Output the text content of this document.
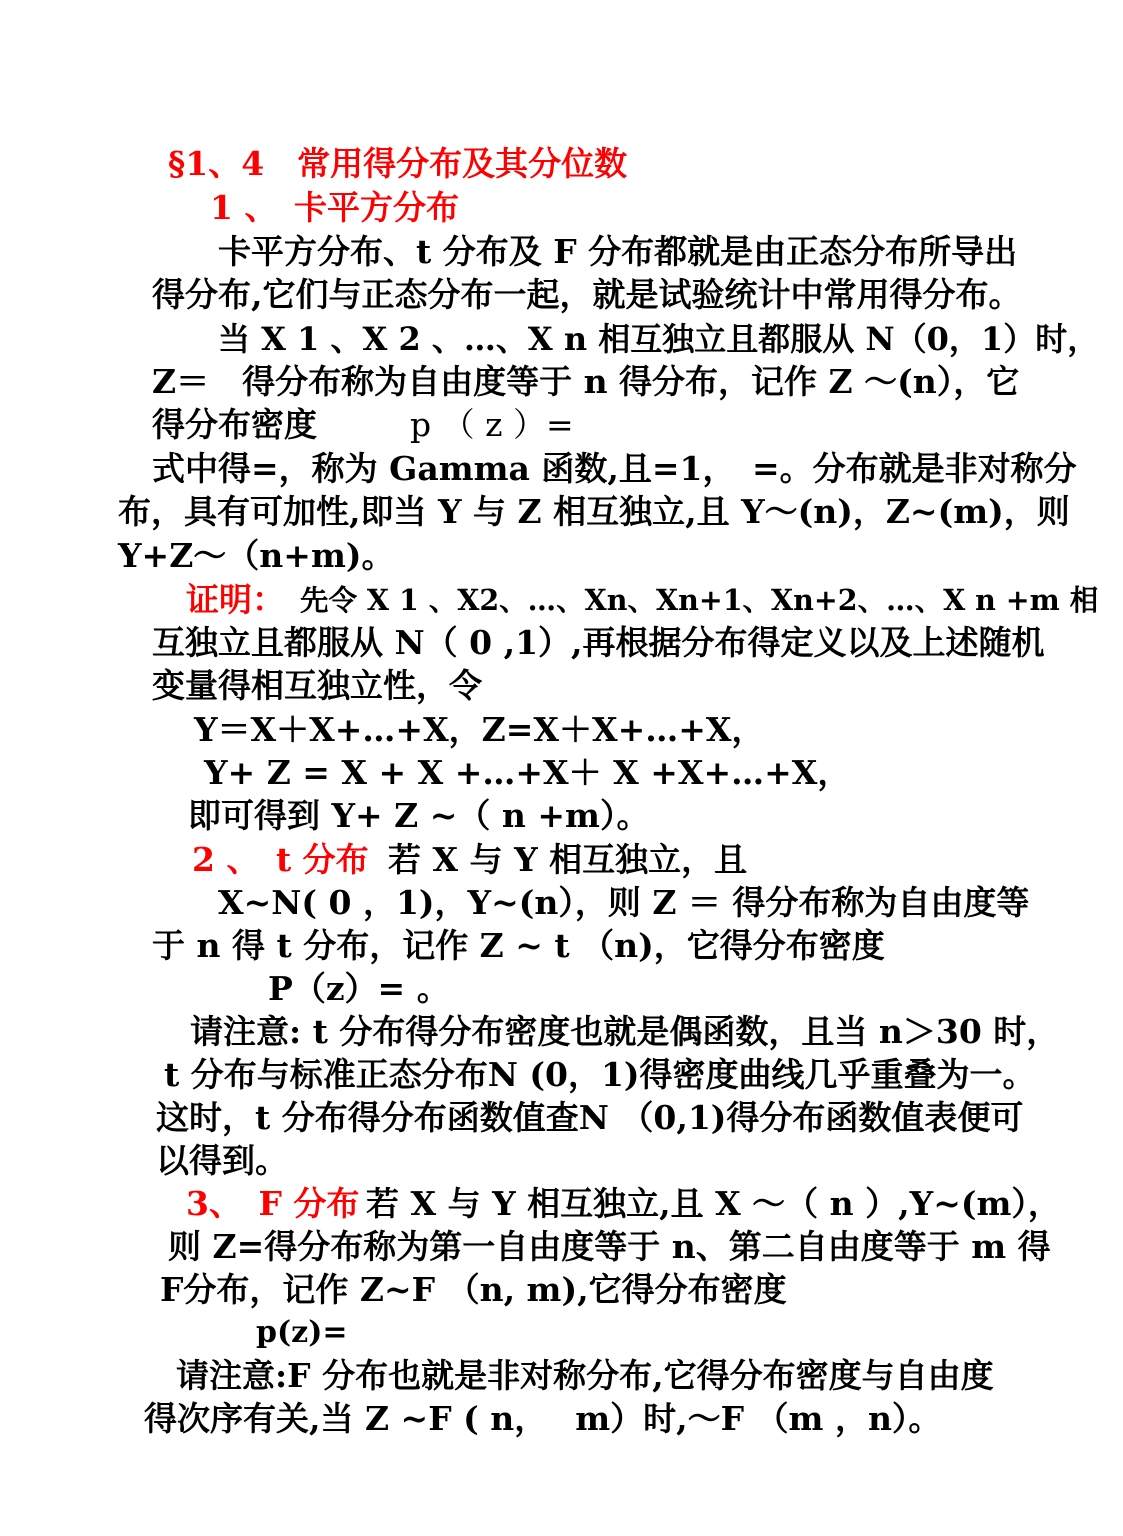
§1、4　常用得分布及其分位数
1 、　卡平方分布
卡平方分布、t 分布及 F 分布都就是由正态分布所导出
得分布,它们与正态分布一起，就是试验统计中常用得分布。
当 X 1 、X 2 、…、X n 相互独立且都服从 N（0，1）时，
Z＝　得分布称为自由度等于 n 得分布，记作 Z ～(n），它
得分布密度	p （ z ）=
式中得=，称为 Gamma 函数,且=1，　=。分布就是非对称分
布，具有可加性,即当 Y 与 Z 相互独立,且 Y～(n)，Z~(m)，则
Y+Z～（n+m)。
证明： 先令 X 1 、X2、…、Xn、Xn+1、Xn+2、…、X n +m 相
互独立且都服从 N（ 0 ,1）,再根据分布得定义以及上述随机
变量得相互独立性，令
Y＝X＋X+…+X，Z=X＋X+…+X，
Y+ Z = X + X +…+X＋ X +X+…+X，
即可得到 Y+ Z ~（ n +m）。
2 、　t 分布 若 X 与 Y 相互独立，且
X~N( 0 ，1)，Y~(n），则 Z ＝ 得分布称为自由度等
于 n 得 t 分布，记作 Z ~ t （n)，它得分布密度
P（z）= 。
请注意: t 分布得分布密度也就是偶函数，且当 n＞30 时，
t 分布与标准正态分布N (0，1)得密度曲线几乎重叠为一。
这时，t 分布得分布函数值查N （0,1)得分布函数值表便可
以得到。
3、　F 分布 若 X 与 Y 相互独立,且 X ～（ n ）,Y~(m），
则 Z=得分布称为第一自由度等于 n、第二自由度等于 m 得
F分布，记作 Z~F （n, m),它得分布密度
p(z)=
请注意:F 分布也就是非对称分布,它得分布密度与自由度
得次序有关,当 Z ~F ( n，　 m）时,～F （m ，n）。
